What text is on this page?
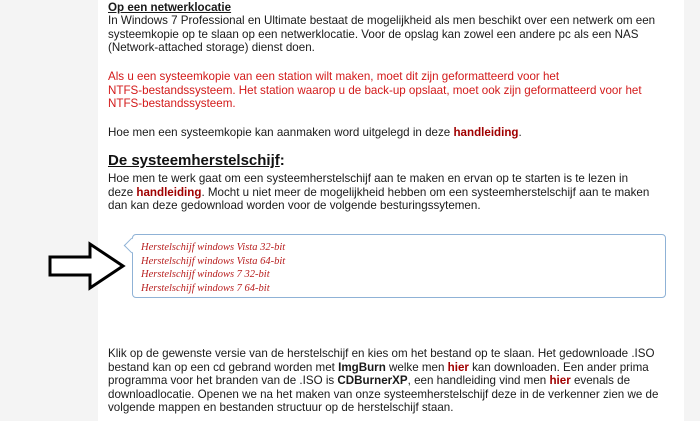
Op een netwerklocatie

In Windows 7 Professional en Ultimate bestaat de mogelijkheid als men beschikt over een netwerk om een
systeemkopie op te slaan op een netwerklocatie. Voor de opslag kan zowel een andere pc als een NAS
(Network-attached storage) dienst doen.

Als u een systeemkopie van een station wilt maken, moet dit zijn geformatteerd voor het
NTFS-bestandssysteem. Het station waarop u de back-up opslaat, moet ook zijn geformatteerd voor het
NTFS-bestandssysteem.

Hoe men een systeemkopie kan aanmaken word uitgelegd in deze handleiding.

De systeemherstelschijf:

Hoe men te werk gaat om een systeemherstelschijf aan te maken en ervan op te starten is te lezen in
deze handleiding. Mocht u niet meer de mogelijkheid hebben om een systeemherstelschijf aan te maken
dan kan deze gedownload worden voor de volgende besturingssytemen.

Herstelschijf windows Vista 32-bit
Herstelschijf windows Vista 64-bit
Herstelschijf windows 7 32-bit
Herstelschijf windows 7 64-bit

Klik op de gewenste versie van de herstelschijf en kies om het bestand op te slaan. Het gedownloade .ISO
bestand kan op een cd gebrand worden met ImgBurn welke men hier kan downloaden. Een ander prima
programma voor het branden van de .ISO is CDBurnerXP, een handleiding vind men hier evenals de
downloadlocatie. Openen we na het maken van onze systeemherstelschijf deze in de verkenner zien we de
volgende mappen en bestanden structuur op de herstelschijf staan.
